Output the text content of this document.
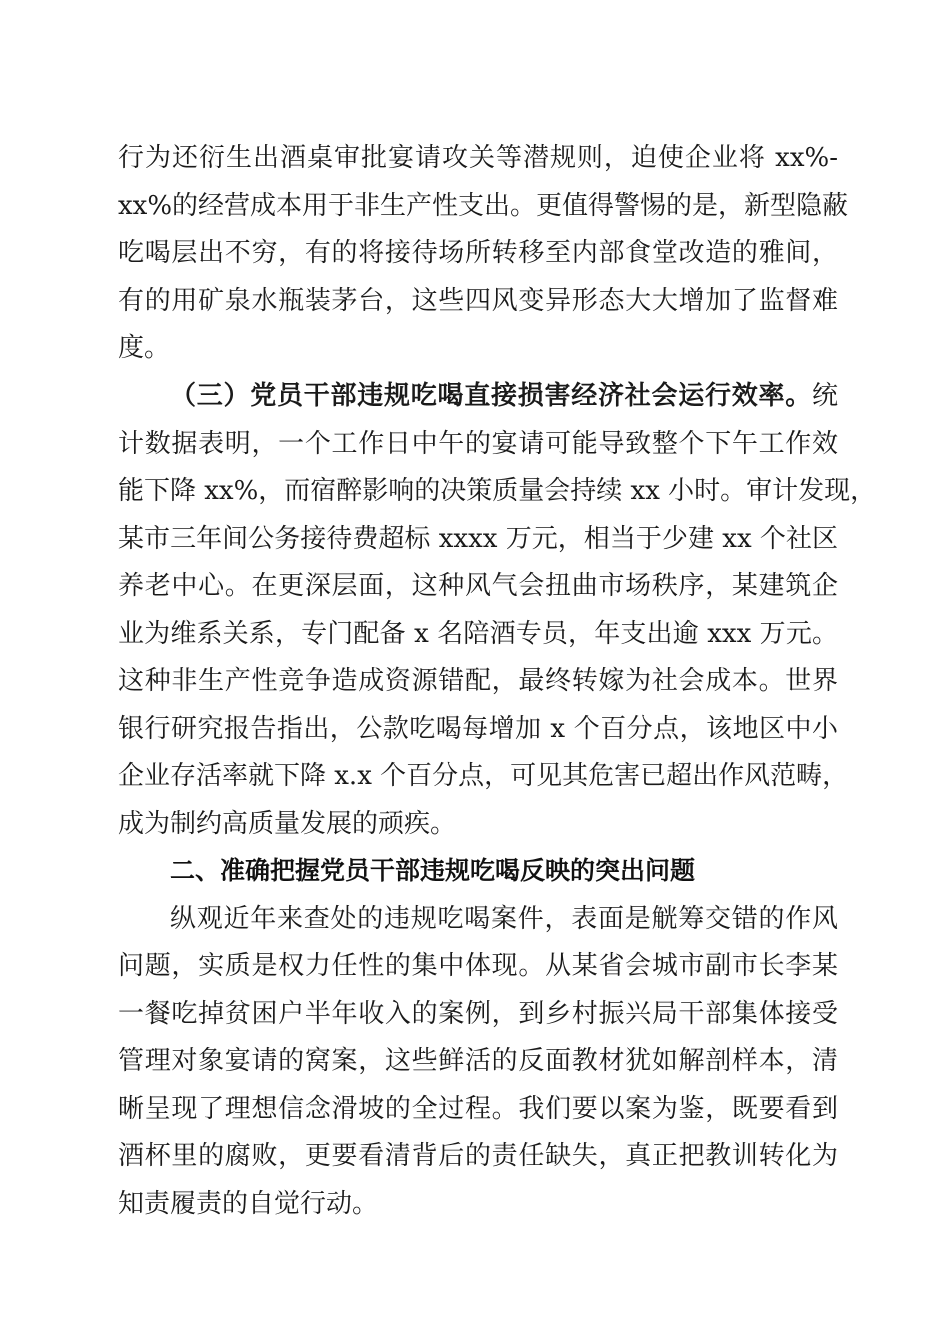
行为还衍生出酒桌审批宴请攻关等潜规则，迫使企业将 xx%-
xx%的经营成本用于非生产性支出。更值得警惕的是，新型隐蔽
吃喝层出不穷，有的将接待场所转移至内部食堂改造的雅间，
有的用矿泉水瓶装茅台，这些四风变异形态大大增加了监督难
度。
（三）党员干部违规吃喝直接损害经济社会运行效率。统
计数据表明，一个工作日中午的宴请可能导致整个下午工作效
能下降 xx%，而宿醉影响的决策质量会持续 xx 小时。审计发现，
某市三年间公务接待费超标 xxxx 万元，相当于少建 xx 个社区
养老中心。在更深层面，这种风气会扭曲市场秩序，某建筑企
业为维系关系，专门配备 x 名陪酒专员，年支出逾 xxx 万元。
这种非生产性竞争造成资源错配，最终转嫁为社会成本。世界
银行研究报告指出，公款吃喝每增加 x 个百分点，该地区中小
企业存活率就下降 x.x 个百分点，可见其危害已超出作风范畴，
成为制约高质量发展的顽疾。
二、准确把握党员干部违规吃喝反映的突出问题
纵观近年来查处的违规吃喝案件，表面是觥筹交错的作风
问题，实质是权力任性的集中体现。从某省会城市副市长李某
一餐吃掉贫困户半年收入的案例，到乡村振兴局干部集体接受
管理对象宴请的窝案，这些鲜活的反面教材犹如解剖样本，清
晰呈现了理想信念滑坡的全过程。我们要以案为鉴，既要看到
酒杯里的腐败，更要看清背后的责任缺失，真正把教训转化为
知责履责的自觉行动。
